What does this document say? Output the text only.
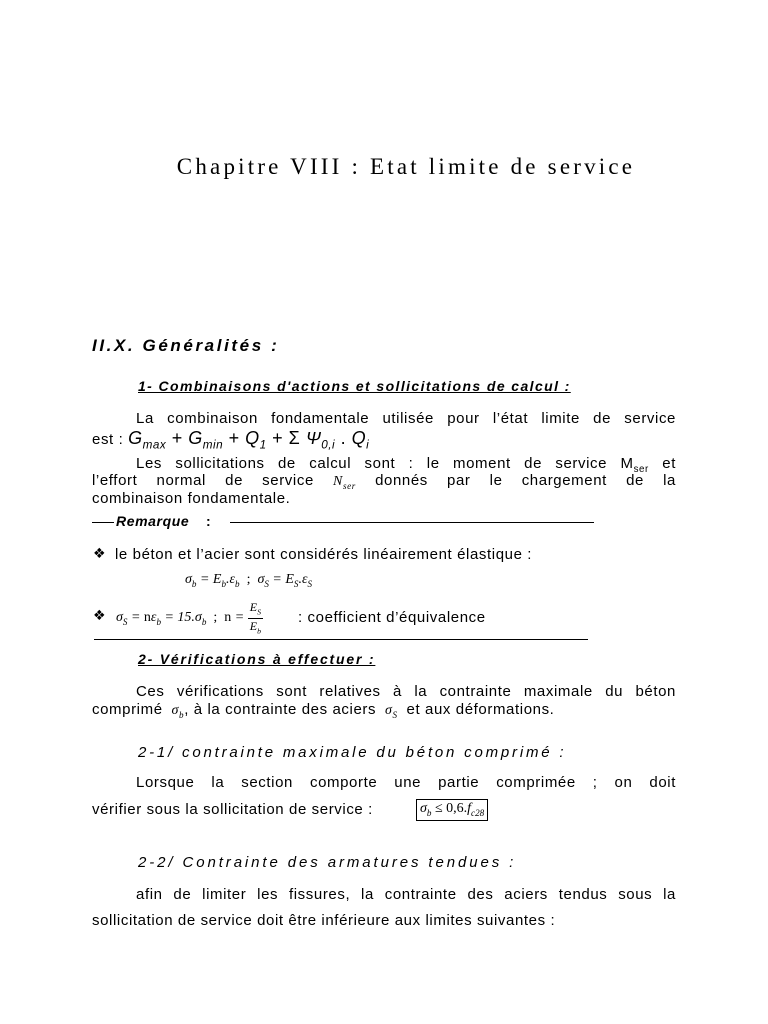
Chapitre VIII : Etat limite de service
II.X. Généralités :
1- Combinaisons d'actions et sollicitations de calcul :
La combinaison fondamentale utilisée pour l’état limite de service
est : $G_{max} + G_{min} + Q_1 + \Sigma$ $\Psi_{0,i}$ . $Q_i$
Les sollicitations de calcul sont : le moment de service $M_{ser}$ et
l’effort normal de service $N_{ser}$ donnés par le chargement de la
combinaison fondamentale.
Remarque :
❖ le béton et l’acier sont considérés linéairement élastique :
$\sigma_b = E_b.\varepsilon_b$ ;  $\sigma_S = E_S.\varepsilon_S$
❖ $\sigma_S = n\varepsilon_b = 15.\sigma_b$ ; $n = \frac{E_S}{E_b}$ : coefficient d’équivalence
2- Vérifications à effectuer :
Ces vérifications sont relatives à la contrainte maximale du béton
comprimé  $\sigma_b$, à la contrainte des aciers  $\sigma_S$ et aux déformations.
2-1/ contrainte maximale du béton comprimé :
Lorsque la section comporte une partie comprimée ; on doit
vérifier sous la sollicitation de service :	$\sigma_b \le 0,6.f_{c28}$
2-2/ Contrainte des armatures tendues :
afin de limiter les fissures, la contrainte des aciers tendus sous la
sollicitation de service doit être inférieure aux limites suivantes :
